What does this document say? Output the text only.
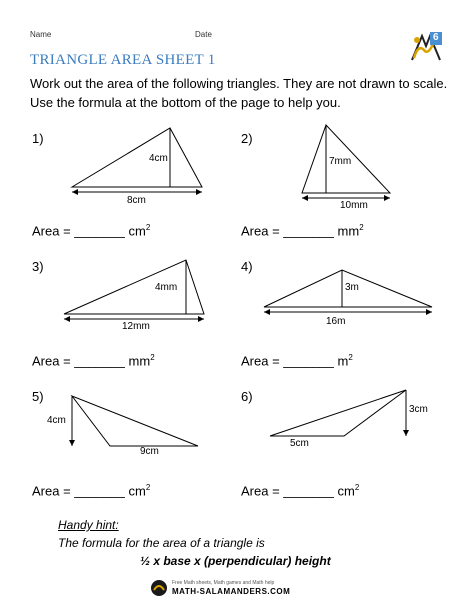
Name	Date	6
TRIANGLE AREA SHEET 1
Work out the area of the following triangles. They are not drawn to scale.
Use the formula at the bottom of the page to help you.
1)
4cm
8cm
Area = _______ $cm^2$
2)
7mm
10mm
Area = _______ $mm^2$
3)
4mm
12mm
Area = _______ $mm^2$
4)
3m
16m
Area = _______ $m^2$
5)
4cm
9cm
Area = _______ $cm^2$
6)
3cm
5cm
Area = _______ $cm^2$
Handy hint:
The formula for the area of a triangle is
½ x base x (perpendicular) height
Free Math sheets, Math games and Math help
MATH-SALAMANDERS.COM
